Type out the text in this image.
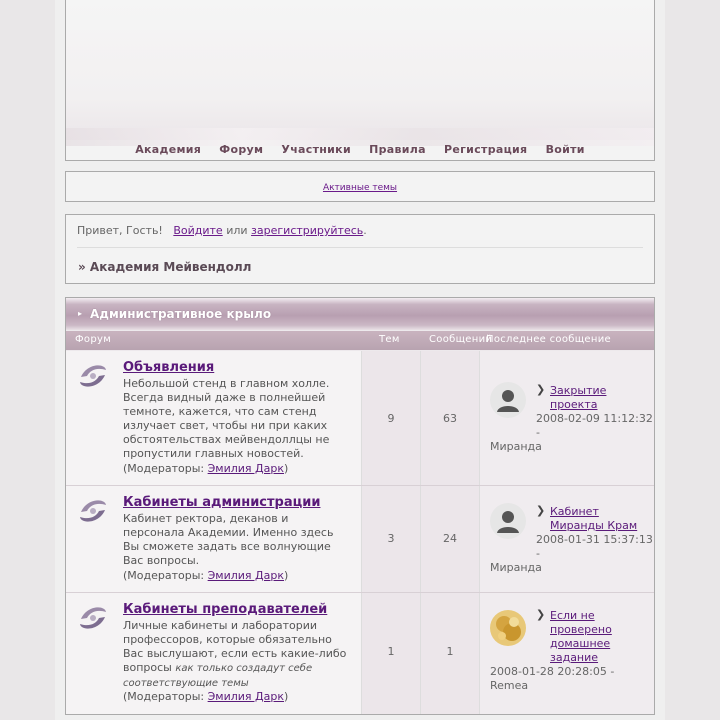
Академия Форум Участники Правила Регистрация Войти
Активные темы
Привет, Гость! Войдите или зарегистрируйтесь.
» Академия Мейвендолл
▸ Административное крыло
Форум	Тем	Сообщений
Последнее сообщение
Объявления
Небольшой стенд в главном холле. Всегда видный даже в полнейшей темноте, кажется, что сам стенд излучает свет, чтобы ни при каких обстоятельствах мейвендоллцы не пропустили главных новостей.
(Модераторы: Эмилия Дарк)
9	63
❯ Закрытие проекта
2008-02-09 11:12:32 -
Миранда
Кабинеты администрации
Кабинет ректора, деканов и персонала Академии. Именно здесь Вы сможете задать все волнующие Вас вопросы.
(Модераторы: Эмилия Дарк)
3	24
❯ Кабинет Миранды Крам
2008-01-31 15:37:13 -
Миранда
Кабинеты преподавателей
Личные кабинеты и лаборатории профессоров, которые обязательно Вас выслушают, если есть какие-либо вопросы как только создадут себе соответствующие темы
(Модераторы: Эмилия Дарк)
1	1
❯ Если не проверено домашнее задание
2008-01-28 20:28:05 -
Remea
